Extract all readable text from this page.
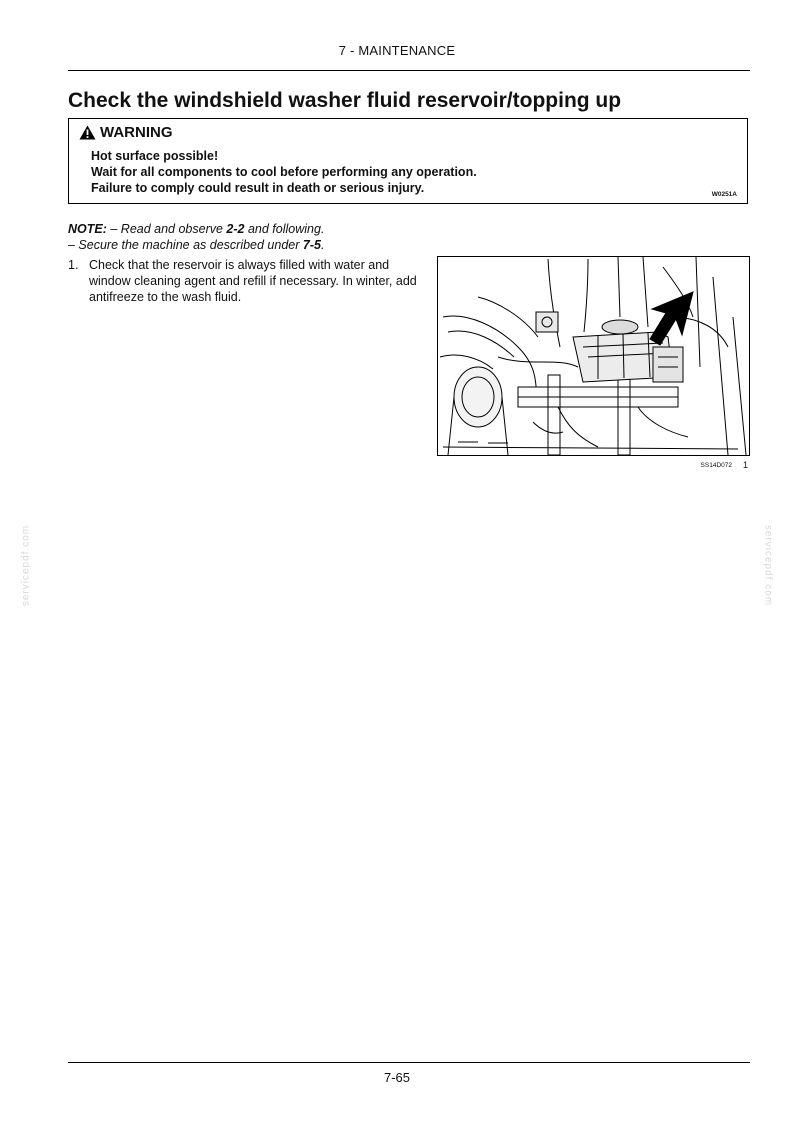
7 - MAINTENANCE
Check the windshield washer fluid reservoir/topping up
WARNING
Hot surface possible!
Wait for all components to cool before performing any operation.
Failure to comply could result in death or serious injury.	W0251A
NOTE: – Read and observe 2-2 and following.
– Secure the machine as described under 7-5.
1. Check that the reservoir is always filled with water and window cleaning agent and refill if necessary. In winter, add antifreeze to the wash fluid.
SS14D072 1
servicepdf.com	servicepdf.com
7-65
